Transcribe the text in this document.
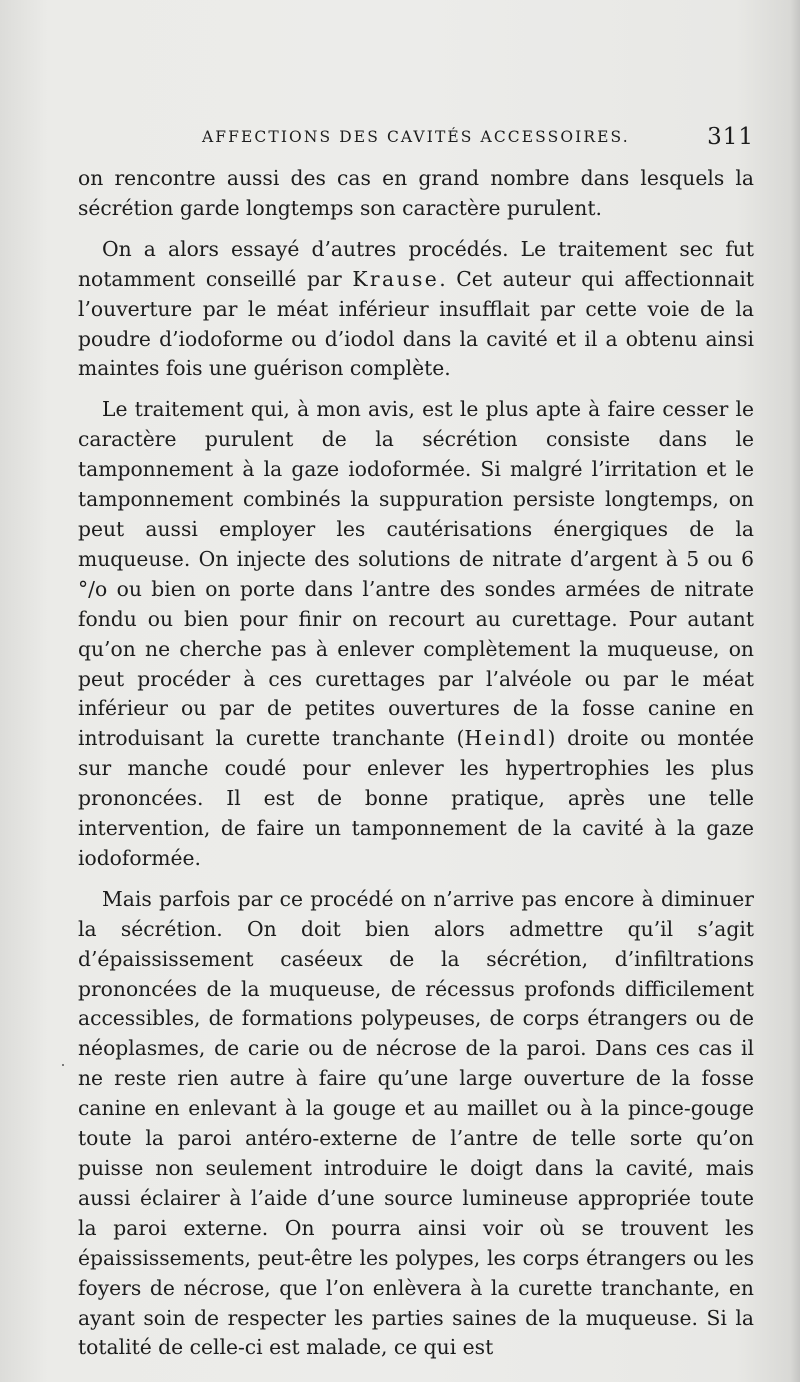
AFFECTIONS DES CAVITÉS ACCESSOIRES.	311

on rencontre aussi des cas en grand nombre dans lesquels la sécrétion garde longtemps son caractère purulent.

On a alors essayé d’autres procédés. Le traitement sec fut notamment conseillé par Krause. Cet auteur qui affectionnait l’ouverture par le méat inférieur insufflait par cette voie de la poudre d’iodoforme ou d’iodol dans la cavité et il a obtenu ainsi maintes fois une guérison complète.

Le traitement qui, à mon avis, est le plus apte à faire cesser le caractère purulent de la sécrétion consiste dans le tamponnement à la gaze iodoformée. Si malgré l’irritation et le tamponnement combinés la suppuration persiste longtemps, on peut aussi employer les cautérisations énergiques de la muqueuse. On injecte des solutions de nitrate d’argent à 5 ou 6 °/o ou bien on porte dans l’antre des sondes armées de nitrate fondu ou bien pour finir on recourt au curettage. Pour autant qu’on ne cherche pas à enlever complètement la muqueuse, on peut procéder à ces curettages par l’alvéole ou par le méat inférieur ou par de petites ouvertures de la fosse canine en introduisant la curette tranchante (Heindl) droite ou montée sur manche coudé pour enlever les hypertrophies les plus prononcées. Il est de bonne pratique, après une telle intervention, de faire un tamponnement de la cavité à la gaze iodoformée.

Mais parfois par ce procédé on n’arrive pas encore à diminuer la sécrétion. On doit bien alors admettre qu’il s’agit d’épaississement caséeux de la sécrétion, d’infiltrations prononcées de la muqueuse, de récessus profonds difficilement accessibles, de formations polypeuses, de corps étrangers ou de néoplasmes, de carie ou de nécrose de la paroi. Dans ces cas il ne reste rien autre à faire qu’une large ouverture de la fosse canine en enlevant à la gouge et au maillet ou à la pince-gouge toute la paroi antéro-externe de l’antre de telle sorte qu’on puisse non seulement introduire le doigt dans la cavité, mais aussi éclairer à l’aide d’une source lumineuse appropriée toute la paroi externe. On pourra ainsi voir où se trouvent les épaississements, peut-être les polypes, les corps étrangers ou les foyers de nécrose, que l’on enlèvera à la curette tranchante, en ayant soin de respecter les parties saines de la muqueuse. Si la totalité de celle-ci est malade, ce qui est
